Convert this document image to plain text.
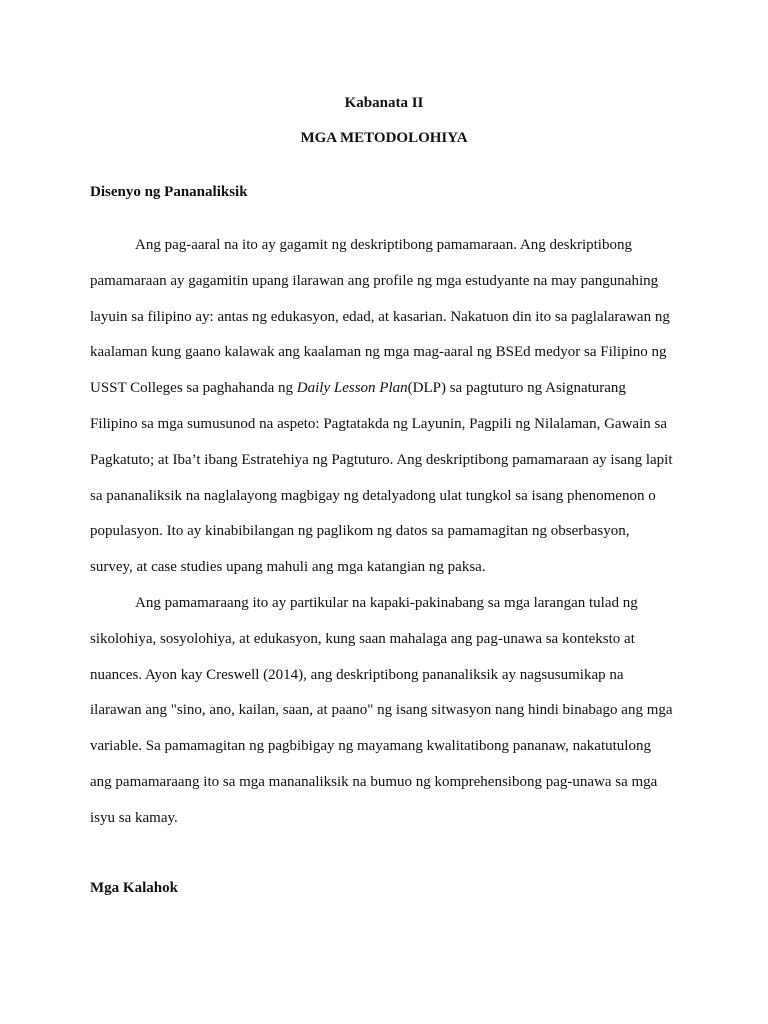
Kabanata II

MGA METODOLOHIYA

Disenyo ng Pananaliksik

Ang pag-aaral na ito ay gagamit ng deskriptibong pamamaraan. Ang deskriptibong
pamamaraan ay gagamitin upang ilarawan ang profile ng mga estudyante na may pangunahing
layuin sa filipino ay: antas ng edukasyon, edad, at kasarian. Nakatuon din ito sa paglalarawan ng
kaalaman kung gaano kalawak ang kaalaman ng mga mag-aaral ng BSEd medyor sa Filipino ng
USST Colleges sa paghahanda ng Daily Lesson Plan(DLP) sa pagtuturo ng Asignaturang
Filipino sa mga sumusunod na aspeto: Pagtatakda ng Layunin, Pagpili ng Nilalaman, Gawain sa
Pagkatuto; at Iba’t ibang Estratehiya ng Pagtuturo. Ang deskriptibong pamamaraan ay isang lapit
sa pananaliksik na naglalayong magbigay ng detalyadong ulat tungkol sa isang phenomenon o
populasyon. Ito ay kinabibilangan ng paglikom ng datos sa pamamagitan ng obserbasyon,
survey, at case studies upang mahuli ang mga katangian ng paksa.
Ang pamamaraang ito ay partikular na kapaki-pakinabang sa mga larangan tulad ng
sikolohiya, sosyolohiya, at edukasyon, kung saan mahalaga ang pag-unawa sa konteksto at
nuances. Ayon kay Creswell (2014), ang deskriptibong pananaliksik ay nagsusumikap na
ilarawan ang "sino, ano, kailan, saan, at paano" ng isang sitwasyon nang hindi binabago ang mga
variable. Sa pamamagitan ng pagbibigay ng mayamang kwalitatibong pananaw, nakatutulong
ang pamamaraang ito sa mga mananaliksik na bumuo ng komprehensibong pag-unawa sa mga
isyu sa kamay.

Mga Kalahok
